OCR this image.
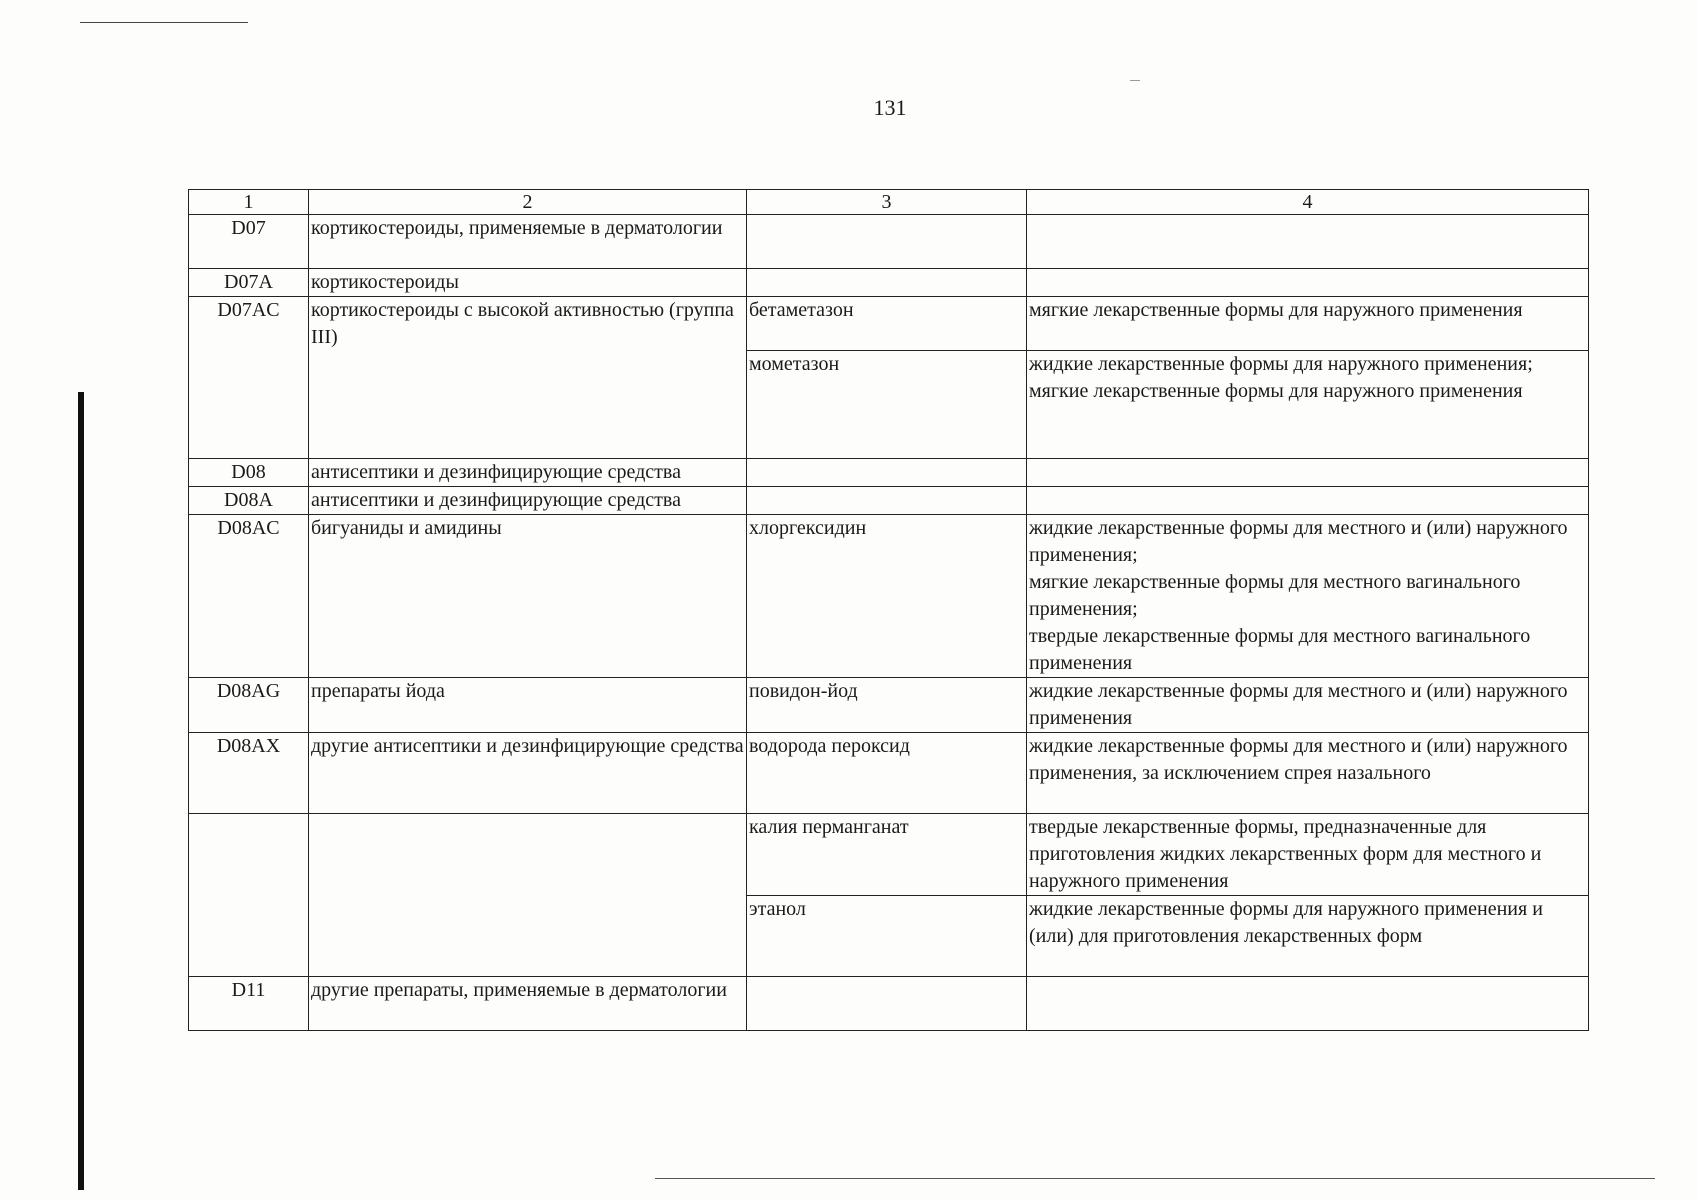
131
1	2	3	4
D07	кортикостероиды, применяемые в дерматологии		
D07A	кортикостероиды		
D07AC	кортикостероиды с высокой активностью (группа III)	бетаметазон	мягкие лекарственные формы для наружного применения
		мометазон	жидкие лекарственные формы для наружного применения;
мягкие лекарственные формы для наружного применения
D08	антисептики и дезинфицирующие средства		
D08A	антисептики и дезинфицирующие средства		
D08AC	бигуаниды и амидины	хлоргексидин	жидкие лекарственные формы для местного и (или) наружного применения;
мягкие лекарственные формы для местного вагинального применения;
твердые лекарственные формы для местного вагинального применения
D08AG	препараты йода	повидон-йод	жидкие лекарственные формы для местного и (или) наружного применения
D08AX	другие антисептики и дезинфицирующие средства	водорода пероксид	жидкие лекарственные формы для местного и (или) наружного применения, за исключением спрея назального
		калия перманганат	твердые лекарственные формы, предназначенные для приготовления жидких лекарственных форм для местного и наружного применения
		этанол	жидкие лекарственные формы для наружного применения и (или) для приготовления лекарственных форм
D11	другие препараты, применяемые в дерматологии		
